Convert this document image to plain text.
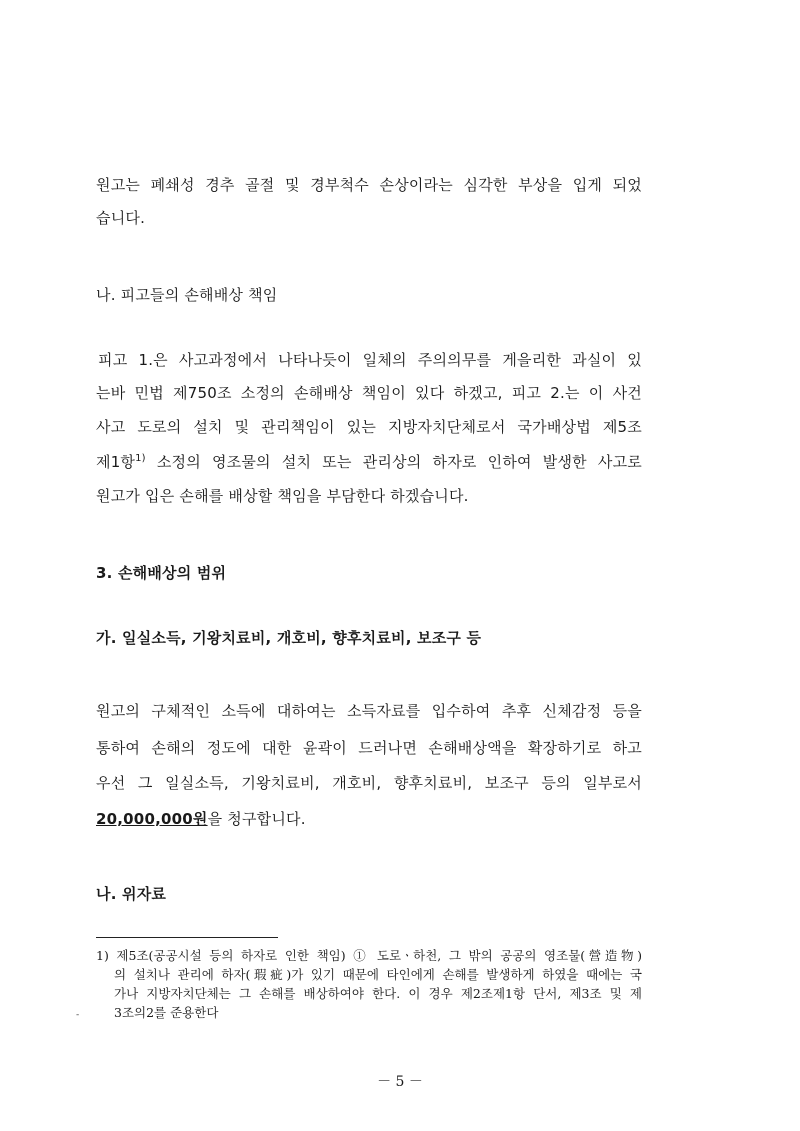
원고는 폐쇄성 경추 골절 및 경부척수 손상이라는 심각한 부상을 입게 되었
습니다.
나. 피고들의 손해배상 책임
피고 1.은 사고과정에서 나타나듯이 일체의 주의의무를 게을리한 과실이 있
는바 민법 제750조 소정의 손해배상 책임이 있다 하겠고, 피고 2.는 이 사건
사고 도로의 설치 및 관리책임이 있는 지방자치단체로서 국가배상법 제5조
제1항$^{1)}$ 소정의 영조물의 설치 또는 관리상의 하자로 인하여 발생한 사고로
원고가 입은 손해를 배상할 책임을 부담한다 하겠습니다.
3. 손해배상의 범위
가. 일실소득, 기왕치료비, 개호비, 향후치료비, 보조구 등
원고의 구체적인 소득에 대하여는 소득자료를 입수하여 추후 신체감정 등을
통하여 손해의 정도에 대한 윤곽이 드러나면 손해배상액을 확장하기로 하고
우선 그 일실소득, 기왕치료비, 개호비, 향후치료비, 보조구 등의 일부로서
20,000,000원을 청구합니다.
나. 위자료
1) 제5조(공공시설 등의 하자로 인한 책임) ① 도로ㆍ하천, 그 밖의 공공의 영조물(營造物)
의 설치나 관리에 하자(瑕疵)가 있기 때문에 타인에게 손해를 발생하게 하였을 때에는 국
가나 지방자치단체는 그 손해를 배상하여야 한다. 이 경우 제2조제1항 단서, 제3조 및 제
3조의2를 준용한다
-
－ 5 －
